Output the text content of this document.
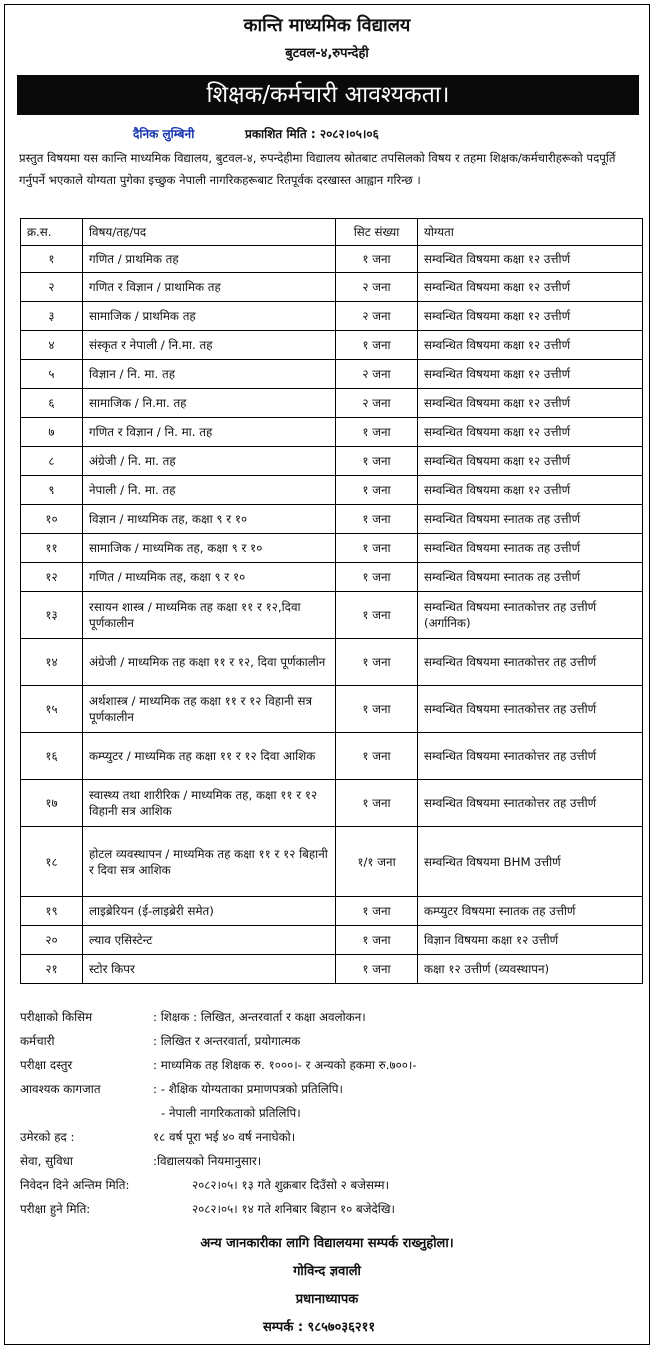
कान्ति माध्यमिक विद्यालय
बुटवल-४,रुपन्देही
शिक्षक/कर्मचारी आवश्यकता।
दैनिक लुम्बिनी	प्रकाशित मिति : २०८२।०५।०६
प्रस्तुत विषयमा यस कान्ति माध्यमिक विद्यालय, बुटवल-४, रुपन्देहीमा विद्यालय स्रोतबाट तपसिलको विषय र तहमा शिक्षक/कर्मचारीहरूको पदपूर्ति गर्नुपर्ने भएकाले योग्यता पुगेका इच्छुक नेपाली नागरिकहरूबाट रितपूर्वक दरखास्त आह्वान गरिन्छ ।
क्र.स.	विषय/तह/पद	सिट संख्या	योग्यता
१	गणित / प्राथमिक तह	१ जना	सम्वन्धित विषयमा कक्षा १२ उत्तीर्ण
२	गणित र विज्ञान / प्राथामिक तह	२ जना	सम्वन्धित विषयमा कक्षा १२ उत्तीर्ण
३	सामाजिक / प्राथमिक तह	२ जना	सम्वन्धित विषयमा कक्षा १२ उत्तीर्ण
४	संस्कृत र नेपाली / नि.मा. तह	१ जना	सम्वन्धित विषयमा कक्षा १२ उत्तीर्ण
५	विज्ञान / नि. मा. तह	२ जना	सम्वन्धित विषयमा कक्षा १२ उत्तीर्ण
६	सामाजिक / नि.मा. तह	२ जना	सम्वन्धित विषयमा कक्षा १२ उत्तीर्ण
७	गणित र विज्ञान / नि. मा. तह	१ जना	सम्वन्धित विषयमा कक्षा १२ उत्तीर्ण
८	अंग्रेजी / नि. मा. तह	१ जना	सम्वन्धित विषयमा कक्षा १२ उत्तीर्ण
९	नेपाली / नि. मा. तह	१ जना	सम्वन्धित विषयमा कक्षा १२ उत्तीर्ण
१०	विज्ञान / माध्यमिक तह, कक्षा ९ र १०	१ जना	सम्वन्धित विषयमा स्नातक तह उत्तीर्ण
११	सामाजिक / माध्यमिक तह, कक्षा ९ र १०	१ जना	सम्वन्धित विषयमा स्नातक तह उत्तीर्ण
१२	गणित / माध्यमिक तह, कक्षा ९ र १०	१ जना	सम्वन्धित विषयमा स्नातक तह उत्तीर्ण
१३	रसायन शास्त्र / माध्यमिक तह कक्षा ११ र १२,दिवा पूर्णकालीन	१ जना	सम्वन्धित विषयमा स्नातकोत्तर तह उत्तीर्ण (अर्गानिक)
१४	अंग्रेजी / माध्यमिक तह कक्षा ११ र १२, दिवा पूर्णकालीन	१ जना	सम्वन्धित विषयमा स्नातकोत्तर तह उत्तीर्ण
१५	अर्थशास्त्र / माध्यमिक तह कक्षा ११ र १२ विहानी सत्र पूर्णकालीन	१ जना	सम्वन्धित विषयमा स्नातकोत्तर तह उत्तीर्ण
१६	कम्प्युटर / माध्यमिक तह कक्षा ११ र १२ दिवा आशिक	१ जना	सम्वन्धित विषयमा स्नातकोत्तर तह उत्तीर्ण
१७	स्वास्थ्य तथा शारीरिक / माध्यमिक तह, कक्षा ११ र १२ विहानी सत्र आशिक	१ जना	सम्वन्धित विषयमा स्नातकोत्तर तह उत्तीर्ण
१८	होटल व्यवस्थापन / माध्यमिक तह कक्षा ११ र १२ बिहानी र दिवा सत्र आशिक	१/१ जना	सम्वन्धित विषयमा BHM उत्तीर्ण
१९	लाइब्रेरियन (ई-लाइब्रेरी समेत)	१ जना	कम्प्युटर विषयमा स्नातक तह उत्तीर्ण
२०	ल्याव एसिस्टेन्ट	१ जना	विज्ञान विषयमा कक्षा १२ उत्तीर्ण
२१	स्टोर किपर	१ जना	कक्षा १२ उत्तीर्ण (व्यवस्थापन)
परीक्षाको किसिम	: शिक्षक : लिखित, अन्तरवार्ता र कक्षा अवलोकन।
कर्मचारी	: लिखित र अन्तरवार्ता, प्रयोगात्मक
परीक्षा दस्तुर	: माध्यमिक तह शिक्षक रु. १०००।- र अन्यको हकमा रु.७००।-
आवश्यक कागजात	: - शैक्षिक योग्यताका प्रमाणपत्रको प्रतिलिपि।
- नेपाली नागरिकताको प्रतिलिपि।
उमेरको हद :	१८ वर्ष पूरा भई ४० वर्ष ननाघेको।
सेवा, सुविधा	:विद्यालयको नियमानुसार।
निवेदन दिने अन्तिम मिति:	२०८२।०५। १३ गते शुक्रबार दिउँसो २ बजेसम्म।
परीक्षा हुने मिति:	२०८२।०५। १४ गते शनिबार बिहान १० बजेदेखि।
अन्य जानकारीका लागि विद्यालयमा सम्पर्क राख्नुहोला।
गोविन्द ज्ञवाली
प्रधानाध्यापक
सम्पर्क : ९८५७०३६२११
